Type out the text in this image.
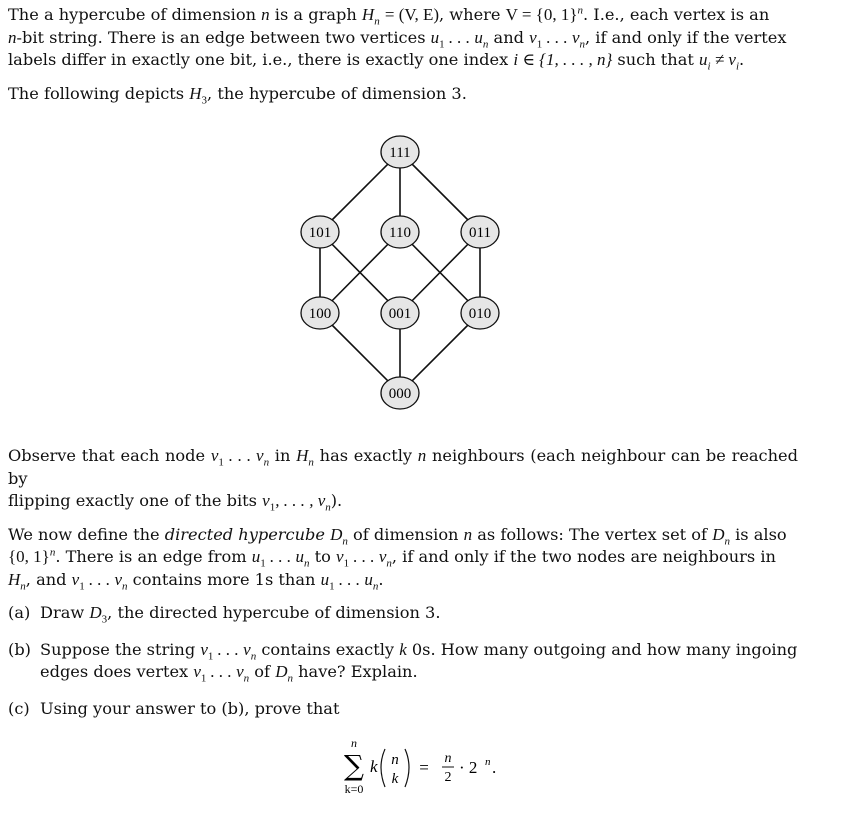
The a hypercube of dimension n is a graph $H_n = (V$, E), where V = {0, 1}$^n$. I.e., each vertex is an
n-bit string. There is an edge between two vertices $u_1$ . . . $u_n$ and $v_1$ . . . $v_n$, if and only if the vertex
labels differ in exactly one bit, i.e., there is exactly one index i ∈ {1, . . . , n} such that $u_i \ne v_i$.

The following depicts $H_3$, the hypercube of dimension 3.

111
101	110	011
100	001	010
000

Observe that each node $v_1$ . . . $v_n$ in $H_n$ has exactly n neighbours (each neighbour can be reached by
flipping exactly one of the bits $v_1$, . . . , $v_n$).

We now define the directed hypercube $D_n$ of dimension n as follows: The vertex set of $D_n$ is also
{0, 1}$^n$. There is an edge from $u_1$ . . . $u_n$ to $v_1$ . . . $v_n$, if and only if the two nodes are neighbours in
$H_n$, and $v_1$ . . . $v_n$ contains more 1s than $u_1$ . . . $u_n$.

(a) Draw $D_3$, the directed hypercube of dimension 3.

(b) Suppose the string $v_1$ . . . $v_n$ contains exactly k 0s. How many outgoing and how many ingoing
edges does vertex $v_1$ . . . $v_n$ of $D_n$ have? Explain.

(c) Using your answer to (b), prove that

n
∑
k=0
k n
k
= n
2
· 2 n .
